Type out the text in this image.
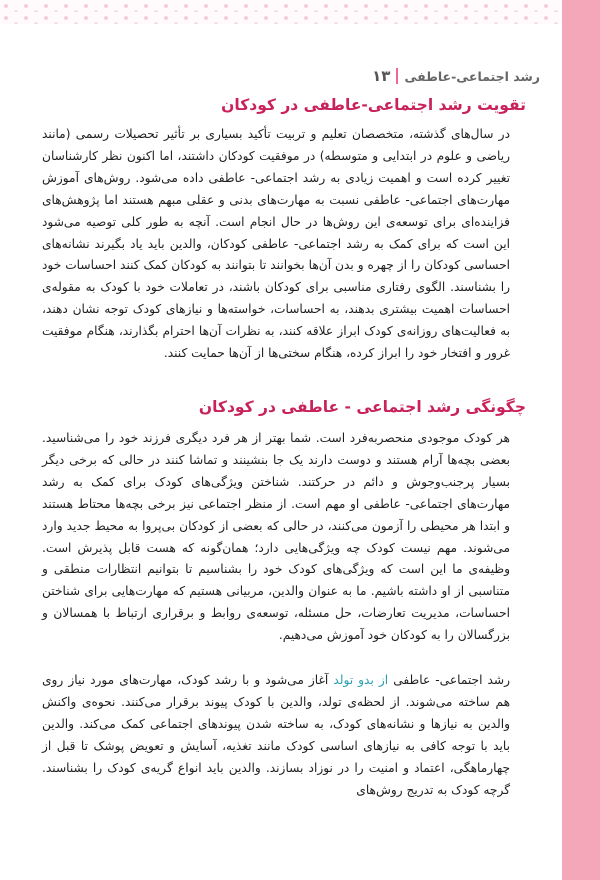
۱۳ رشد اجتماعی-عاطفی
تقویت رشد اجتماعی-عاطفی در کودکان

در سال‌های گذشته، متخصصان تعلیم و تربیت تأکید بسیاری بر تأثیر تحصیلات رسمی (مانند ریاضی و علوم در ابتدایی و متوسطه) در موفقیت کودکان داشتند، اما اکنون نظر کارشناسان تغییر کرده است و اهمیت زیادی به رشد اجتماعی- عاطفی داده می‌شود. روش‌های آموزش مهارت‌های اجتماعی- عاطفی نسبت به مهارت‌های بدنی و عقلی مبهم هستند اما پژوهش‌های فزاینده‌ای برای توسعه‌ی این روش‌ها در حال انجام است. آنچه به طور کلی توصیه می‌شود این است که برای کمک به رشد اجتماعی- عاطفی کودکان، والدین باید یاد بگیرند نشانه‌های احساسی کودکان را از چهره و بدن آن‌ها بخوانند تا بتوانند به کودکان کمک کنند احساسات خود را بشناسند. الگوی رفتاری مناسبی برای کودکان باشند، در تعاملات خود با کودک به مقوله‌ی احساسات اهمیت بیشتری بدهند، به احساسات، خواسته‌ها و نیازهای کودک توجه نشان دهند، به فعالیت‌های روزانه‌ی کودک ابراز علاقه کنند، به نظرات آن‌ها احترام بگذارند، هنگام موفقیت غرور و افتخار خود را ابراز کرده، هنگام سختی‌ها از آن‌ها حمایت کنند.

چگونگی رشد اجتماعی - عاطفی در کودکان

هر کودک موجودی منحصربه‌فرد است. شما بهتر از هر فرد دیگری فرزند خود را می‌شناسید. بعضی بچه‌ها آرام هستند و دوست دارند یک جا بنشینند و تماشا کنند در حالی که برخی دیگر بسیار پرجنب‌وجوش و دائم در حرکتند. شناختن ویژگی‌های کودک برای کمک به رشد مهارت‌های اجتماعی- عاطفی او مهم است. از منظر اجتماعی نیز برخی بچه‌ها محتاط هستند و ابتدا هر محیطی را آزمون می‌کنند، در حالی که بعضی از کودکان بی‌پروا به محیط جدید وارد می‌شوند. مهم نیست کودک چه ویژگی‌هایی دارد؛ همان‌گونه که هست قابل پذیرش است. وظیفه‌ی ما این است که ویژگی‌های کودک خود را بشناسیم تا بتوانیم انتظارات منطقی و متناسبی از او داشته باشیم. ما به عنوان والدین، مربیانی هستیم که مهارت‌هایی برای شناختن احساسات، مدیریت تعارضات، حل مسئله، توسعه‌ی روابط و برقراری ارتباط با همسالان و بزرگسالان را به کودکان خود آموزش می‌دهیم.

رشد اجتماعی- عاطفی از بدو تولد آغاز می‌شود و با رشد کودک، مهارت‌های مورد نیاز روی هم ساخته می‌شوند. از لحظه‌ی تولد، والدین با کودک پیوند برقرار می‌کنند. نحوه‌ی واکنش والدین به نیازها و نشانه‌های کودک، به ساخته شدن پیوندهای اجتماعی کمک می‌کند. والدین باید با توجه کافی به نیازهای اساسی کودک مانند تغذیه، آسایش و تعویض پوشک تا قبل از چهارماهگی، اعتماد و امنیت را در نوزاد بسازند. والدین باید انواع گریه‌ی کودک را بشناسند. گرچه کودک به تدریج روش‌های
